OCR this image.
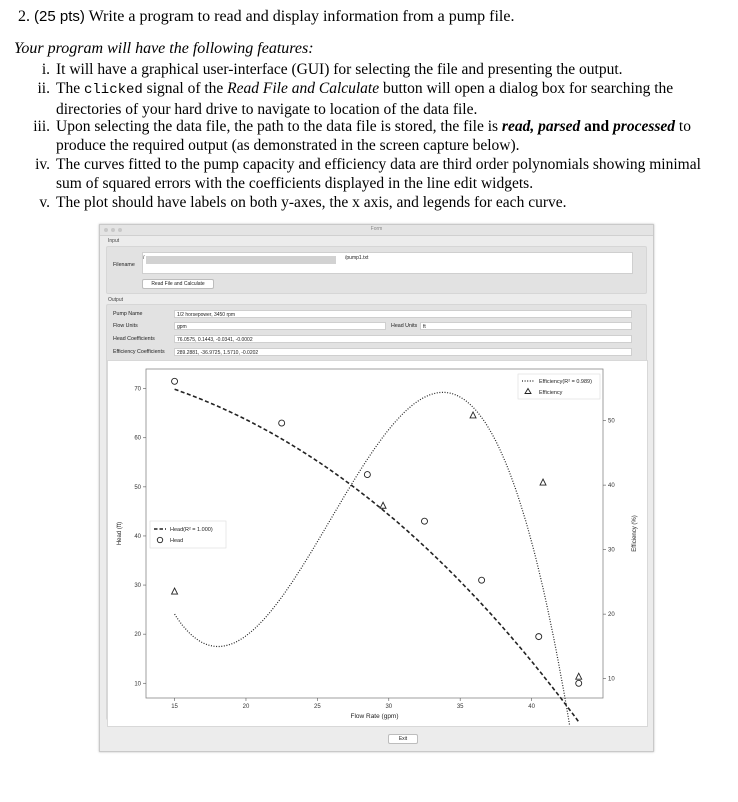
2. (25 pts) Write a program to read and display information from a pump file.
Your program will have the following features:
i. It will have a graphical user-interface (GUI) for selecting the file and presenting the output.
ii. The clicked signal of the Read File and Calculate button will open a dialog box for searching the
directories of your hard drive to navigate to location of the data file.
iii. Upon selecting the data file, the path to the data file is stored, the file is read, parsed and processed to
produce the required output (as demonstrated in the screen capture below).
iv. The curves fitted to the pump capacity and efficiency data are third order polynomials showing minimal
sum of squared errors with the coefficients displayed in the line edit widgets.
v. The plot should have labels on both y-axes, the x axis, and legends for each curve.
Form
Input
Filename
/	/pump1.txt
Read File and Calculate
Output
Pump Name	1/2 horsepower, 3450 rpm
Flow Units	gpm	Head Units	ft
Head Coefficients	76.0575, 0.1443, -0.0341, -0.0002
Efficiency Coefficients	289.2881, -36.9725, 1.5710, -0.0202
15	20	25	30	35	40
10
20
30
40
50
60
70
10
20
30
40
50
Flow Rate (gpm)
Head (ft)	Efficiency (%)
Head(R² = 1.000)
Head
Efficiency(R² = 0.989)
Efficiency
Exit
